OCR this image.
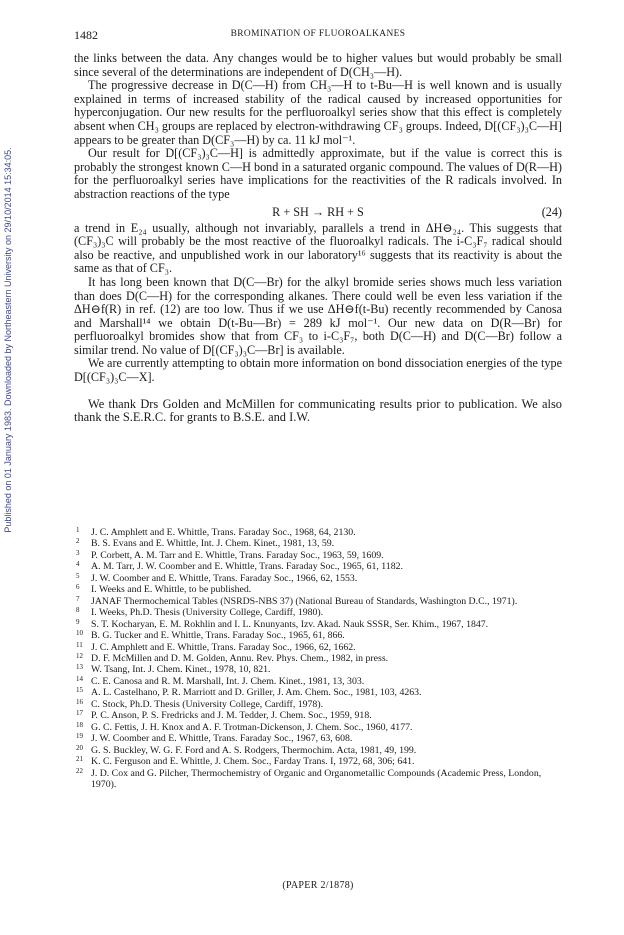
Published on 01 January 1983. Downloaded by Northeastern University on 29/10/2014 15:34:05.
1482	BROMINATION OF FLUOROALKANES

the links between the data. Any changes would be to higher values but would probably be small since several of the determinations are independent of D(CH₃—H).

The progressive decrease in D(C—H) from CH₃—H to t-Bu—H is well known and is usually explained in terms of increased stability of the radical caused by increased opportunities for hyperconjugation. Our new results for the perfluoroalkyl series show that this effect is completely absent when CH₃ groups are replaced by electron-withdrawing CF₃ groups. Indeed, D[(CF₃)₃C—H] appears to be greater than D(CF₃—H) by ca. 11 kJ mol⁻¹.

Our result for D[(CF₃)₃C—H] is admittedly approximate, but if the value is correct this is probably the strongest known C—H bond in a saturated organic compound. The values of D(R—H) for the perfluoroalkyl series have implications for the reactivities of the R radicals involved. In abstraction reactions of the type

R + SH → RH + S	(24)

a trend in E₂₄ usually, although not invariably, parallels a trend in ΔH⊖₂₄. This suggests that (CF₃)₃C will probably be the most reactive of the fluoroalkyl radicals. The i-C₃F₇ radical should also be reactive, and unpublished work in our laboratory¹⁶ suggests that its reactivity is about the same as that of CF₃.

It has long been known that D(C—Br) for the alkyl bromide series shows much less variation than does D(C—H) for the corresponding alkanes. There could well be even less variation if the ΔH⊖f(R) in ref. (12) are too low. Thus if we use ΔH⊖f(t-Bu) recently recommended by Canosa and Marshall¹⁴ we obtain D(t-Bu—Br) = 289 kJ mol⁻¹. Our new data on D(R—Br) for perfluoroalkyl bromides show that from CF₃ to i-C₃F₇, both D(C—H) and D(C—Br) follow a similar trend. No value of D[(CF₃)₃C—Br] is available.

We are currently attempting to obtain more information on bond dissociation energies of the type D[(CF₃)₃C—X].

We thank Drs Golden and McMillen for communicating results prior to publication. We also thank the S.E.R.C. for grants to B.S.E. and I.W.

1 J. C. Amphlett and E. Whittle, Trans. Faraday Soc., 1968, 64, 2130.
2 B. S. Evans and E. Whittle, Int. J. Chem. Kinet., 1981, 13, 59.
3 P. Corbett, A. M. Tarr and E. Whittle, Trans. Faraday Soc., 1963, 59, 1609.
4 A. M. Tarr, J. W. Coomber and E. Whittle, Trans. Faraday Soc., 1965, 61, 1182.
5 J. W. Coomber and E. Whittle, Trans. Faraday Soc., 1966, 62, 1553.
6 I. Weeks and E. Whittle, to be published.
7 JANAF Thermochemical Tables (NSRDS-NBS 37) (National Bureau of Standards, Washington D.C., 1971).
8 I. Weeks, Ph.D. Thesis (University College, Cardiff, 1980).
9 S. T. Kocharyan, E. M. Rokhlin and I. L. Knunyants, Izv. Akad. Nauk SSSR, Ser. Khim., 1967, 1847.
10 B. G. Tucker and E. Whittle, Trans. Faraday Soc., 1965, 61, 866.
11 J. C. Amphlett and E. Whittle, Trans. Faraday Soc., 1966, 62, 1662.
12 D. F. McMillen and D. M. Golden, Annu. Rev. Phys. Chem., 1982, in press.
13 W. Tsang, Int. J. Chem. Kinet., 1978, 10, 821.
14 C. E. Canosa and R. M. Marshall, Int. J. Chem. Kinet., 1981, 13, 303.
15 A. L. Castelhano, P. R. Marriott and D. Griller, J. Am. Chem. Soc., 1981, 103, 4263.
16 C. Stock, Ph.D. Thesis (University College, Cardiff, 1978).
17 P. C. Anson, P. S. Fredricks and J. M. Tedder, J. Chem. Soc., 1959, 918.
18 G. C. Fettis, J. H. Knox and A. F. Trotman-Dickenson, J. Chem. Soc., 1960, 4177.
19 J. W. Coomber and E. Whittle, Trans. Faraday Soc., 1967, 63, 608.
20 G. S. Buckley, W. G. F. Ford and A. S. Rodgers, Thermochim. Acta, 1981, 49, 199.
21 K. C. Ferguson and E. Whittle, J. Chem. Soc., Farday Trans. I, 1972, 68, 306; 641.
22 J. D. Cox and G. Pilcher, Thermochemistry of Organic and Organometallic Compounds (Academic Press, London, 1970).
(PAPER 2/1878)
